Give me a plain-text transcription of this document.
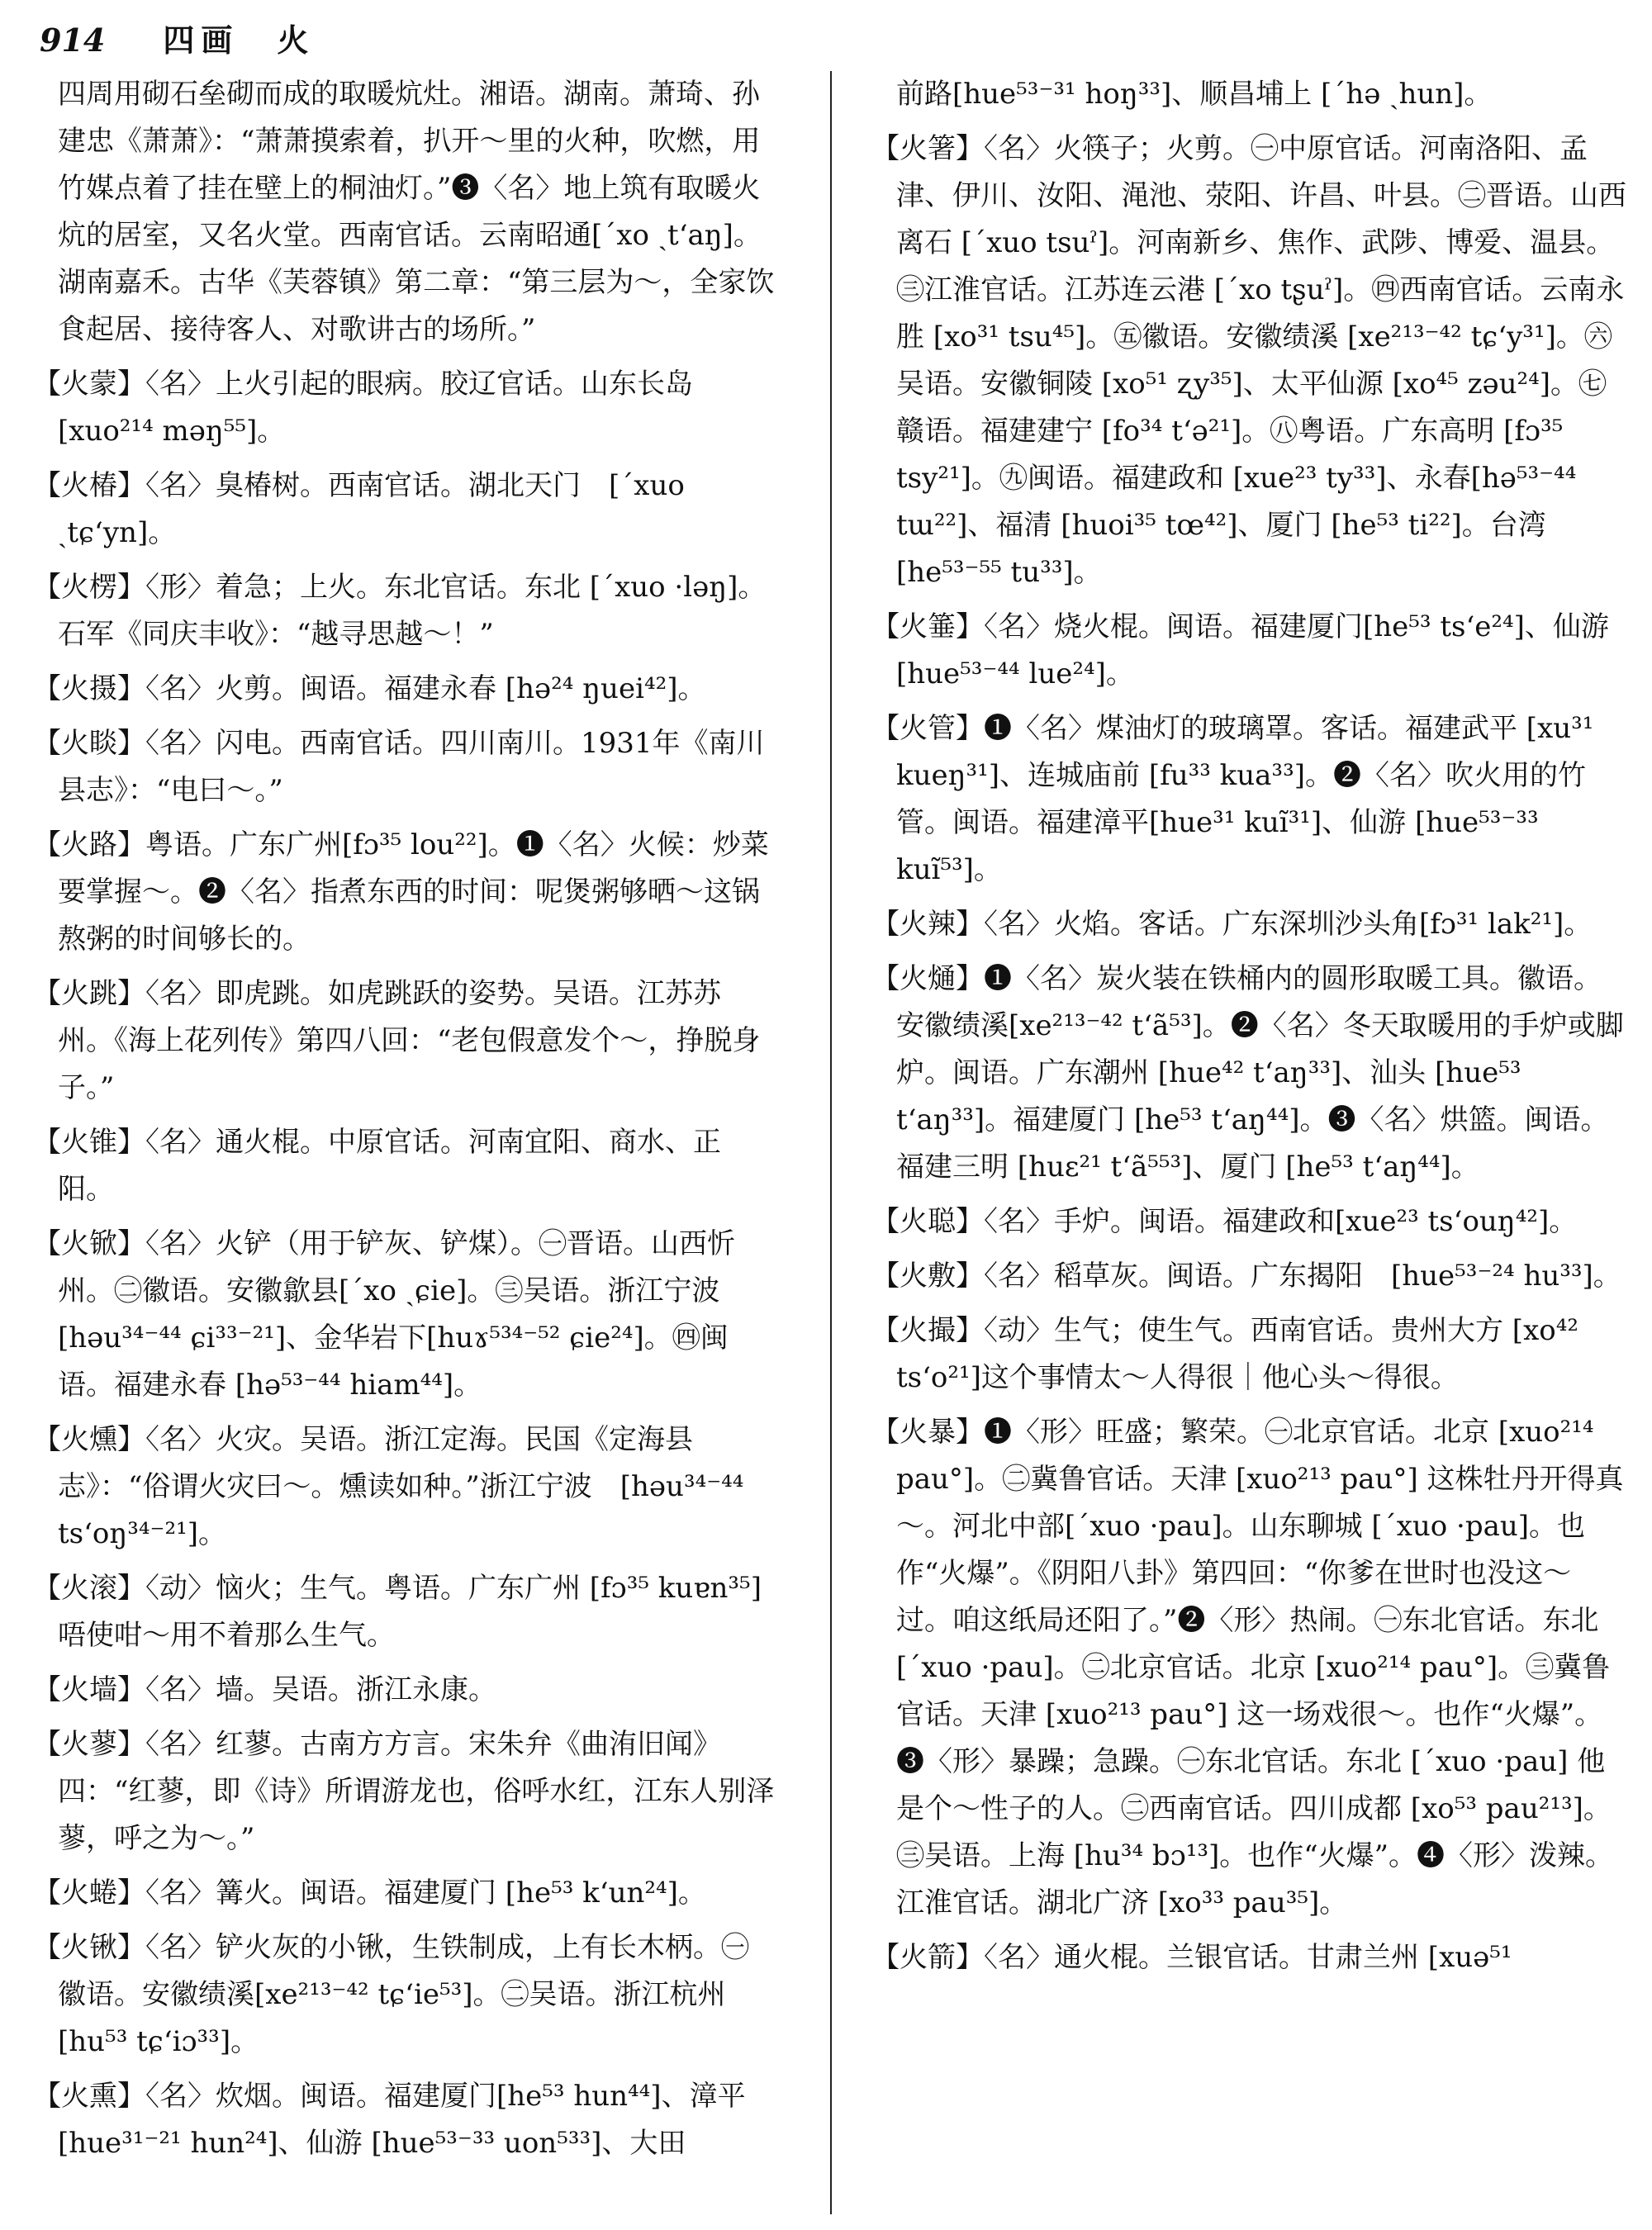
914 四画　火

四周用砌石垒砌而成的取暖炕灶。湘语。湖南。萧琦、孙建忠《萧萧》：“萧萧摸索着，扒开～里的火种，吹燃，用竹媒点着了挂在壁上的桐油灯。”❸〈名〉地上筑有取暖火炕的居室，又名火堂。西南官话。云南昭通[ˊxo ˏtʻaŋ]。湖南嘉禾。古华《芙蓉镇》第二章：“第三层为～，全家饮食起居、接待客人、对歌讲古的场所。”

【火蒙】〈名〉上火引起的眼病。胶辽官话。山东长岛[xuo²¹⁴ məŋ⁵⁵]。

【火椿】〈名〉臭椿树。西南官话。湖北天门　[ˊxuo ˏtɕʻyn]。

【火楞】〈形〉着急；上火。东北官话。东北 [ˊxuo ·ləŋ]。石军《同庆丰收》：“越寻思越～！”

【火摄】〈名〉火剪。闽语。福建永春 [hə²⁴ ŋuei⁴²]。

【火睒】〈名〉闪电。西南官话。四川南川。1931年《南川县志》：“电曰～。”

【火路】粤语。广东广州[fɔ³⁵ lou²²]。❶〈名〉火候：炒菜要掌握～。❷〈名〉指煮东西的时间：呢煲粥够晒～这锅熬粥的时间够长的。

【火跳】〈名〉即虎跳。如虎跳跃的姿势。吴语。江苏苏州。《海上花列传》第四八回：“老包假意发个～，挣脱身子。”

【火锥】〈名〉通火棍。中原官话。河南宜阳、商水、正阳。

【火锨】〈名〉火铲（用于铲灰、铲煤）。㊀晋语。山西忻州。㊁徽语。安徽歙县[ˊxo ˏɕie]。㊂吴语。浙江宁波[həu³⁴⁻⁴⁴ ɕi³³⁻²¹]、金华岩下[huɤ⁵³⁴⁻⁵² ɕie²⁴]。㊃闽语。福建永春 [hə⁵³⁻⁴⁴ hiam⁴⁴]。

【火燻】〈名〉火灾。吴语。浙江定海。民国《定海县志》：“俗谓火灾曰～。燻读如种。”浙江宁波　[həu³⁴⁻⁴⁴ tsʻoŋ³⁴⁻²¹]。

【火滚】〈动〉恼火；生气。粤语。广东广州 [fɔ³⁵ kuɐn³⁵]唔使咁～用不着那么生气。

【火墙】〈名〉墙。吴语。浙江永康。

【火蓼】〈名〉红蓼。古南方方言。宋朱弁《曲洧旧闻》四：“红蓼，即《诗》所谓游龙也，俗呼水红，江东人别泽蓼，呼之为～。”

【火蜷】〈名〉篝火。闽语。福建厦门 [he⁵³ kʻun²⁴]。

【火锹】〈名〉铲火灰的小锹，生铁制成，上有长木柄。㊀徽语。安徽绩溪[xe²¹³⁻⁴² tɕʻie⁵³]。㊁吴语。浙江杭州[hu⁵³ tɕʻiɔ³³]。

【火熏】〈名〉炊烟。闽语。福建厦门[he⁵³ hun⁴⁴]、漳平[hue³¹⁻²¹ hun²⁴]、仙游 [hue⁵³⁻³³ uon⁵³³]、大田

前路[hue⁵³⁻³¹ hoŋ³³]、顺昌埔上 [ˊhə ˏhun]。

【火箸】〈名〉火筷子；火剪。㊀中原官话。河南洛阳、孟津、伊川、汝阳、渑池、荥阳、许昌、叶县。㊁晋语。山西离石 [ˊxuo tsuˀ]。河南新乡、焦作、武陟、博爱、温县。㊂江淮官话。江苏连云港 [ˊxo tʂuˀ]。㊃西南官话。云南永胜 [xo³¹ tsu⁴⁵]。㊄徽语。安徽绩溪 [xe²¹³⁻⁴² tɕʻy³¹]。㊅吴语。安徽铜陵 [xo⁵¹ ʐy³⁵]、太平仙源 [xo⁴⁵ zəu²⁴]。㊆赣语。福建建宁 [fo³⁴ tʻə²¹]。㊇粤语。广东高明 [fɔ³⁵ tsy²¹]。㊈闽语。福建政和 [xue²³ ty³³]、永春[hə⁵³⁻⁴⁴ tɯ²²]、福清 [huoi³⁵ tœ⁴²]、厦门 [he⁵³ ti²²]。台湾 [he⁵³⁻⁵⁵ tu³³]。

【火箠】〈名〉烧火棍。闽语。福建厦门[he⁵³ tsʻe²⁴]、仙游 [hue⁵³⁻⁴⁴ lue²⁴]。

【火管】❶〈名〉煤油灯的玻璃罩。客话。福建武平 [xu³¹ kueŋ³¹]、连城庙前 [fu³³ kua³³]。❷〈名〉吹火用的竹管。闽语。福建漳平[hue³¹ kuĩ³¹]、仙游 [hue⁵³⁻³³ kuĩ⁵³]。

【火辣】〈名〉火焰。客话。广东深圳沙头角[fɔ³¹ lak²¹]。

【火熥】❶〈名〉炭火装在铁桶内的圆形取暖工具。徽语。安徽绩溪[xe²¹³⁻⁴² tʻã⁵³]。❷〈名〉冬天取暖用的手炉或脚炉。闽语。广东潮州 [hue⁴² tʻaŋ³³]、汕头 [hue⁵³ tʻaŋ³³]。福建厦门 [he⁵³ tʻaŋ⁴⁴]。❸〈名〉烘篮。闽语。福建三明 [huɛ²¹ tʻã⁵⁵³]、厦门 [he⁵³ tʻaŋ⁴⁴]。

【火聪】〈名〉手炉。闽语。福建政和[xue²³ tsʻouŋ⁴²]。

【火敷】〈名〉稻草灰。闽语。广东揭阳　[hue⁵³⁻²⁴ hu³³]。

【火撮】〈动〉生气；使生气。西南官话。贵州大方 [xo⁴² tsʻo²¹]这个事情太～人得很｜他心头～得很。

【火暴】❶〈形〉旺盛；繁荣。㊀北京官话。北京 [xuo²¹⁴ pau°]。㊁冀鲁官话。天津 [xuo²¹³ pau°] 这株牡丹开得真～。河北中部[ˊxuo ·pau]。山东聊城 [ˊxuo ·pau]。也作“火爆”。《阴阳八卦》第四回：“你爹在世时也没这～过。咱这纸局还阳了。”❷〈形〉热闹。㊀东北官话。东北[ˊxuo ·pau]。㊁北京官话。北京 [xuo²¹⁴ pau°]。㊂冀鲁官话。天津 [xuo²¹³ pau°] 这一场戏很～。也作“火爆”。❸〈形〉暴躁；急躁。㊀东北官话。东北 [ˊxuo ·pau] 他是个～性子的人。㊁西南官话。四川成都 [xo⁵³ pau²¹³]。㊂吴语。上海 [hu³⁴ bɔ¹³]。也作“火爆”。❹〈形〉泼辣。江淮官话。湖北广济 [xo³³ pau³⁵]。

【火箭】〈名〉通火棍。兰银官话。甘肃兰州 [xuə⁵¹
